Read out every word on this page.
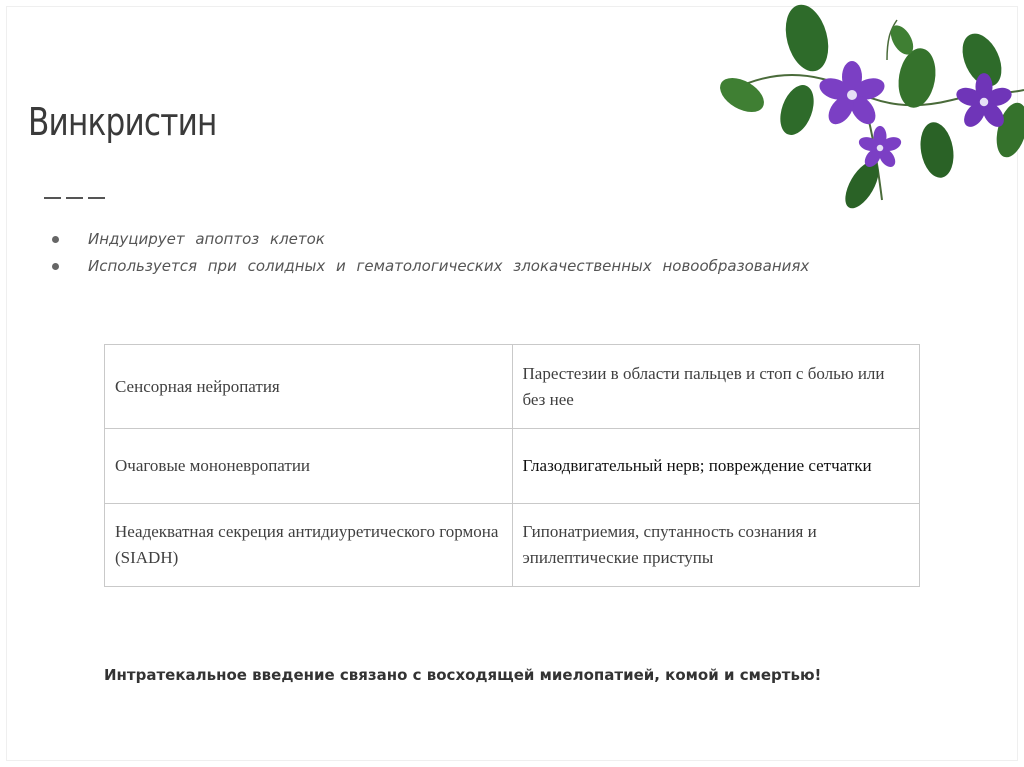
Винкристин
Индуцирует апоптоз клеток
Используется при солидных и гематологических злокачественных новообразованиях
Сенсорная нейропатия	Парестезии в области пальцев и стоп с болью или без нее
Очаговые мононевропатии	Глазодвигательный нерв; повреждение сетчатки
Неадекватная секреция антидиуретического гормона (SIADH)	Гипонатриемия, спутанность сознания и эпилептические приступы
Интратекальное введение связано с восходящей миелопатией, комой и смертью!
